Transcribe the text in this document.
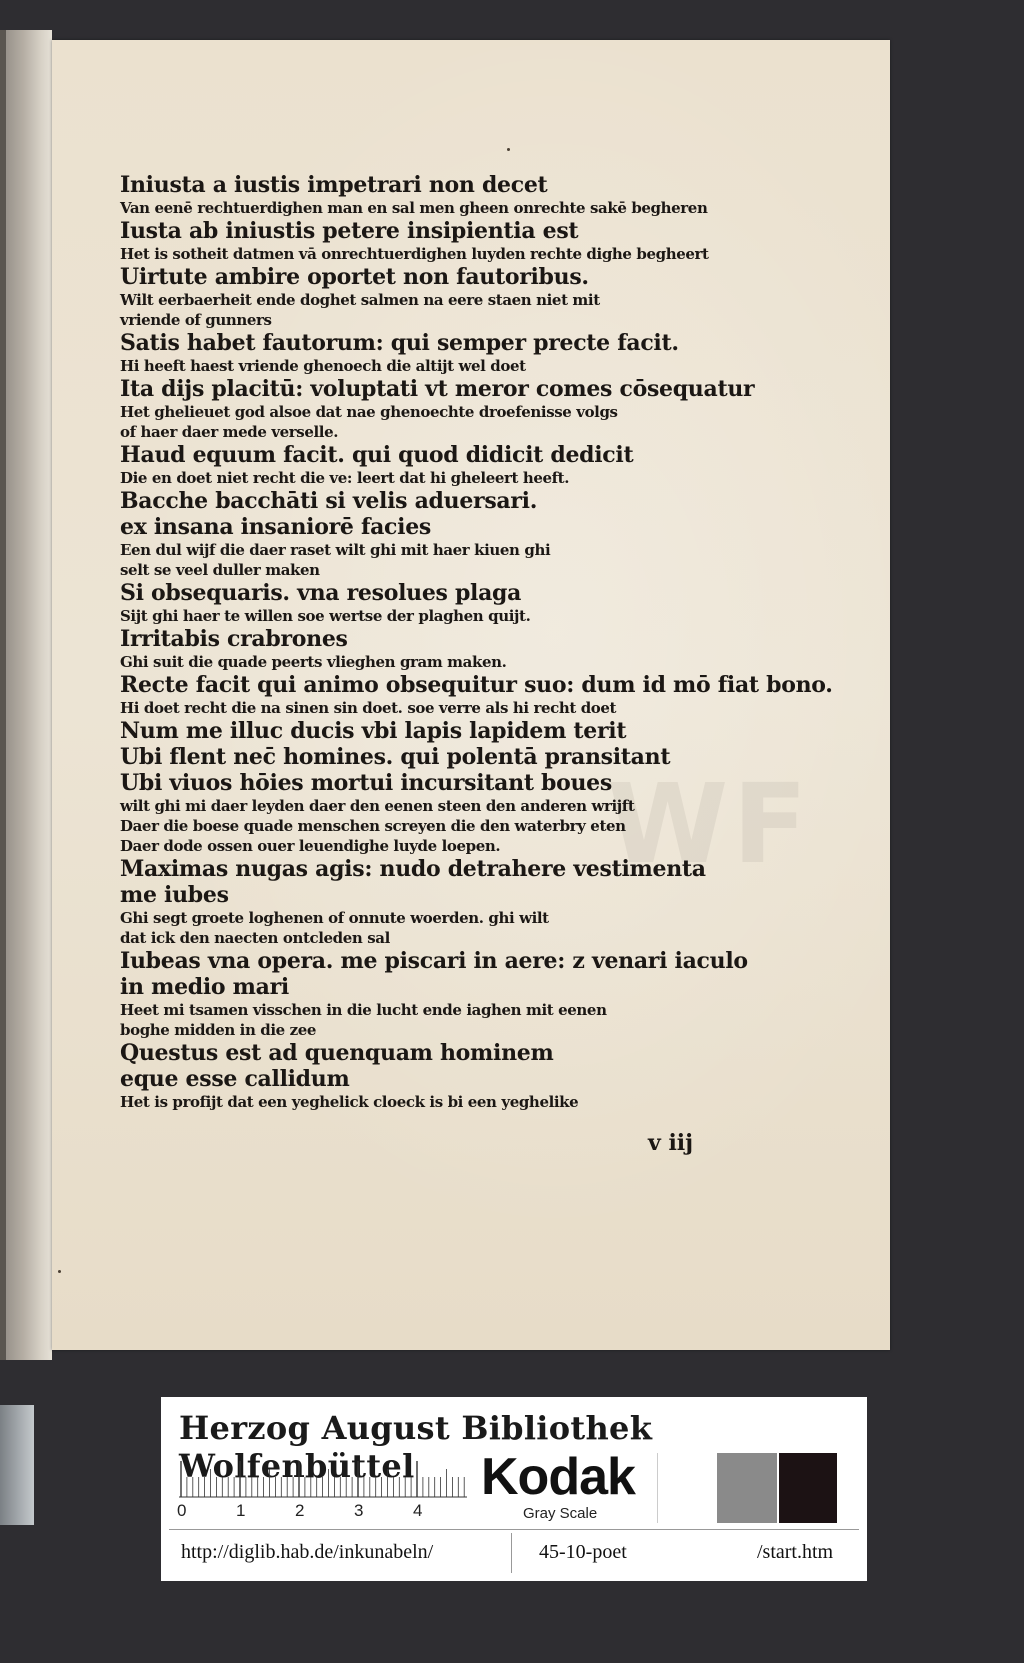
WF

Iniusta a iustis impetrari non decet

Van eenē rechtuerdighen man en sal men gheen onrechte sakē begheren

Iusta ab iniustis petere insipientia est

Het is sotheit datmen vā onrechtuerdighen luyden rechte dighe begheert

Uirtute ambire oportet non fautoribus.

Wilt eerbaerheit ende doghet salmen na eere staen niet mit

vriende of gunners

Satis habet fautorum: qui semper precte facit.

Hi heeft haest vriende ghenoech die altijt wel doet

Ita dijs placitū: voluptati vt meror comes cōsequatur

Het ghelieuet god alsoe dat nae ghenoechte droefenisse volgs

of haer daer mede verselle.

Haud equum facit. qui quod didicit dedicit

Die en doet niet recht die ve: leert dat hi gheleert heeft.

Bacche bacchāti si velis aduersari.

ex insana insaniorē facies

Een dul wijf die daer raset wilt ghi mit haer kiuen ghi

selt se veel duller maken

Si obsequaris. vna resolues plaga

Sijt ghi haer te willen soe wertse der plaghen quijt.

Irritabis crabrones

Ghi suit die quade peerts vlieghen gram maken.

Recte facit qui animo obsequitur suo: dum id mō fiat bono.

Hi doet recht die na sinen sin doet. soe verre als hi recht doet

Num me illuc ducis vbi lapis lapidem terit

Ubi flent nec̄ homines. qui polentā pransitant

Ubi viuos hōies mortui incursitant boues

wilt ghi mi daer leyden daer den eenen steen den anderen wrijft

Daer die boese quade menschen screyen die den waterbry eten

Daer dode ossen ouer leuendighe luyde loepen.

Maximas nugas agis: nudo detrahere vestimenta

me iubes

Ghi segt groete loghenen of onnute woerden. ghi wilt

dat ick den naecten ontcleden sal

Iubeas vna opera. me piscari in aere: z venari iaculo

in medio mari

Heet mi tsamen visschen in die lucht ende iaghen mit eenen

boghe midden in die zee

Questus est ad quenquam hominem

eque esse callidum

Het is profijt dat een yeghelick cloeck is bi een yeghelike

v iij
Herzog August Bibliothek Wolfenbüttel
0	1	2	3	4
Kodak
Gray Scale
http://diglib.hab.de/inkunabeln/	45-10-poet	/start.htm
